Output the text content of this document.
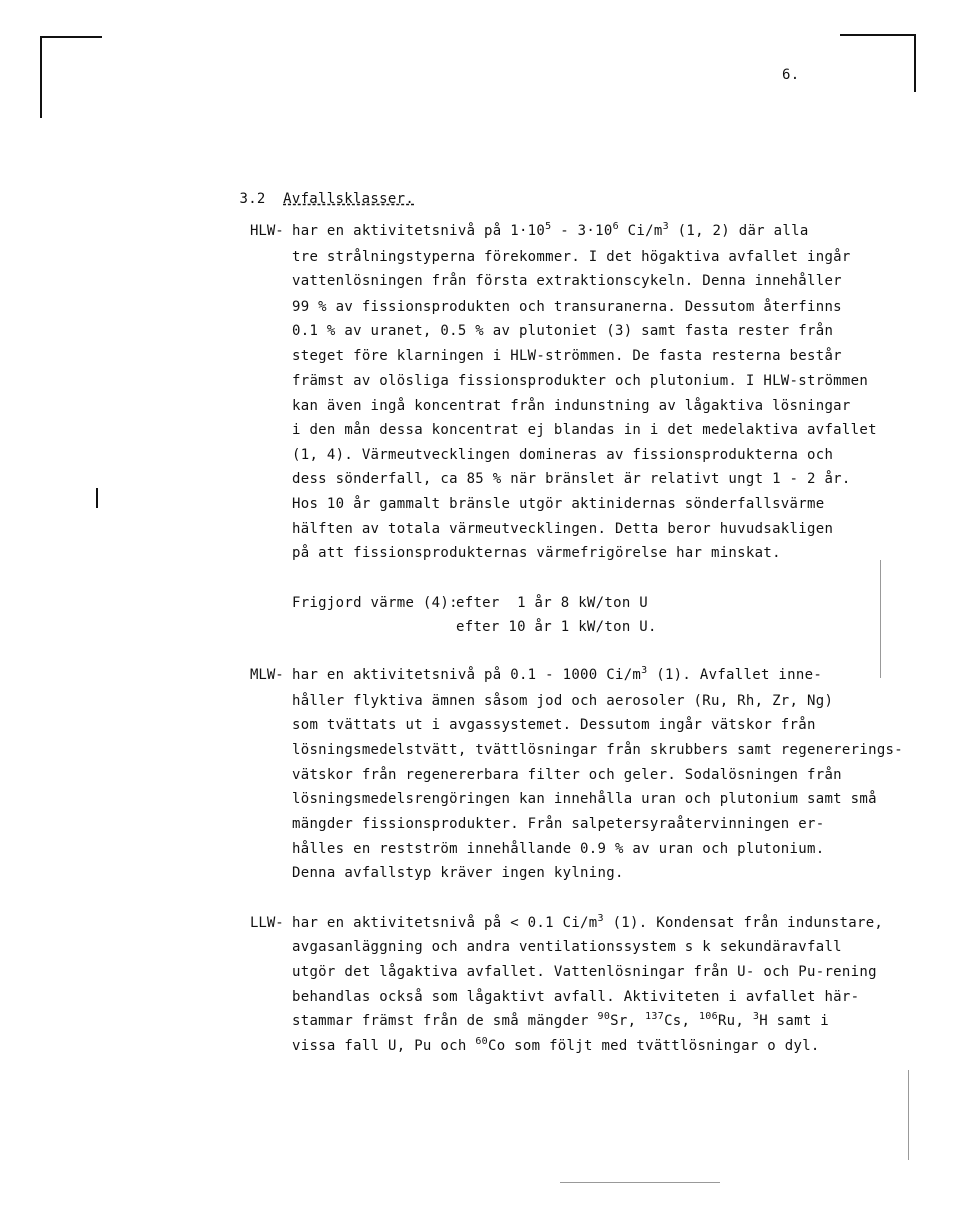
6.

3.2 Avfallsklasser.

HLW- har en aktivitetsnivå på $1\cdot 10^5 - 3\cdot 10^6$ $Ci/m^3$ (1, 2) där alla
tre strålningstyperna förekommer. I det högaktiva avfallet ingår
vattenlösningen från första extraktionscykeln. Denna innehåller
99 % av fissionsprodukten och transuranerna. Dessutom återfinns
0.1 % av uranet, 0.5 % av plutoniet (3) samt fasta rester från
steget före klarningen i HLW-strömmen. De fasta resterna består
främst av olösliga fissionsprodukter och plutonium. I HLW-strömmen
kan även ingå koncentrat från indunstning av lågaktiva lösningar
i den mån dessa koncentrat ej blandas in i det medelaktiva avfallet
(1, 4). Värmeutvecklingen domineras av fissionsprodukterna och
dess sönderfall, ca 85 % när bränslet är relativt ungt 1 - 2 år.
Hos 10 år gammalt bränsle utgör aktinidernas sönderfallsvärme
hälften av totala värmeutvecklingen. Detta beror huvudsakligen
på att fissionsprodukternas värmefrigörelse har minskat.
Frigjord värme (4):
efter  1 år 8 kW/ton U
efter 10 år 1 kW/ton U.
MLW- har en aktivitetsnivå på 0.1 - 1000 $Ci/m^3$ (1). Avfallet inne-
håller flyktiva ämnen såsom jod och aerosoler (Ru, Rh, Zr, Ng)
som tvättats ut i avgassystemet. Dessutom ingår vätskor från
lösningsmedelstvätt, tvättlösningar från skrubbers samt regenererings-
vätskor från regenererbara filter och geler. Sodalösningen från
lösningsmedelsrengöringen kan innehålla uran och plutonium samt små
mängder fissionsprodukter. Från salpetersyraåtervinningen er-
hålles en restström innehållande 0.9 % av uran och plutonium.
Denna avfallstyp kräver ingen kylning.
LLW- har en aktivitetsnivå på < 0.1 $Ci/m^3$ (1). Kondensat från indunstare,
avgasanläggning och andra ventilationssystem s k sekundäravfall
utgör det lågaktiva avfallet. Vattenlösningar från U- och Pu-rening
behandlas också som lågaktivt avfall. Aktiviteten i avfallet här-
stammar främst från de små mängder $^{90}$Sr, $^{137}$Cs, $^{106}$Ru, $^3$H samt i
vissa fall U, Pu och $^{60}$Co som följt med tvättlösningar o dyl.
